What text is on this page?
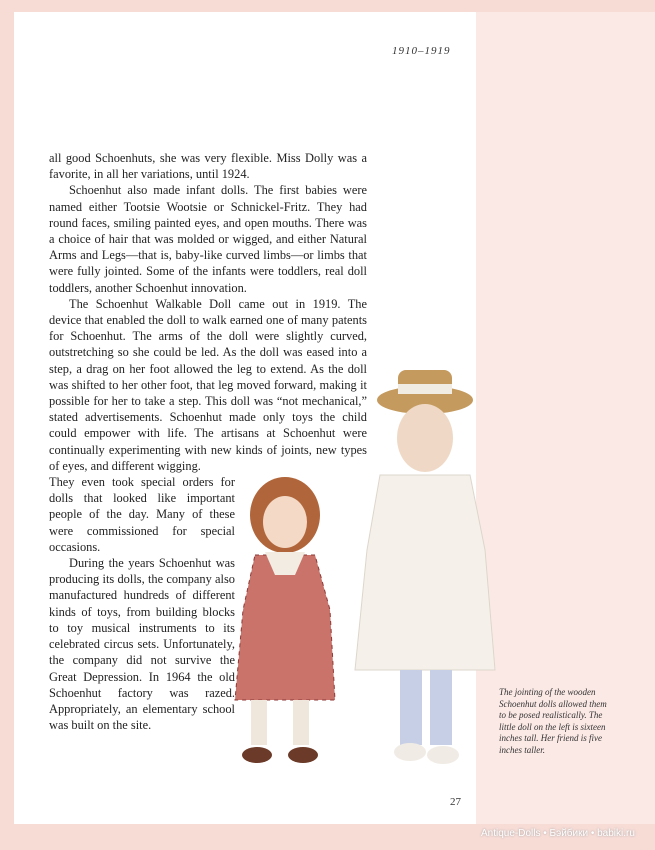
1910–1919

all good Schoenhuts, she was very flexible. Miss Dolly was a favorite, in all her variations, until 1924.

Schoenhut also made infant dolls. The first babies were named either Tootsie Wootsie or Schnickel-Fritz. They had round faces, smiling painted eyes, and open mouths. There was a choice of hair that was molded or wigged, and either Natural Arms and Legs—that is, baby-like curved limbs—or limbs that were fully jointed. Some of the infants were toddlers, real doll toddlers, another Schoenhut innovation.

The Schoenhut Walkable Doll came out in 1919. The device that enabled the doll to walk earned one of many patents for Schoenhut. The arms of the doll were slightly curved, outstretching so she could be led. As the doll was eased into a step, a drag on her foot allowed the leg to extend. As the doll was shifted to her other foot, that leg moved forward, making it possible for her to take a step. This doll was “not mechanical,” stated advertisements. Schoenhut made only toys the child could empower with life. The artisans at Schoenhut were continually experimenting with new kinds of joints, new types of eyes, and different wigging.

They even took special orders for dolls that looked like important people of the day. Many of these were commissioned for special occasions.

During the years Schoenhut was producing its dolls, the company also manufactured hundreds of different kinds of toys, from building blocks to toy musical instruments to its celebrated circus sets. Unfortunately, the company did not survive the Great Depression. In 1964 the old Schoenhut factory was razed. Appropriately, an elementary school was built on the site.

The jointing of the wooden Schoenhut dolls allowed them to be posed realistically. The little doll on the left is sixteen inches tall. Her friend is five inches taller.
27
Antique-Dolls • Бэйбики • babiki.ru
